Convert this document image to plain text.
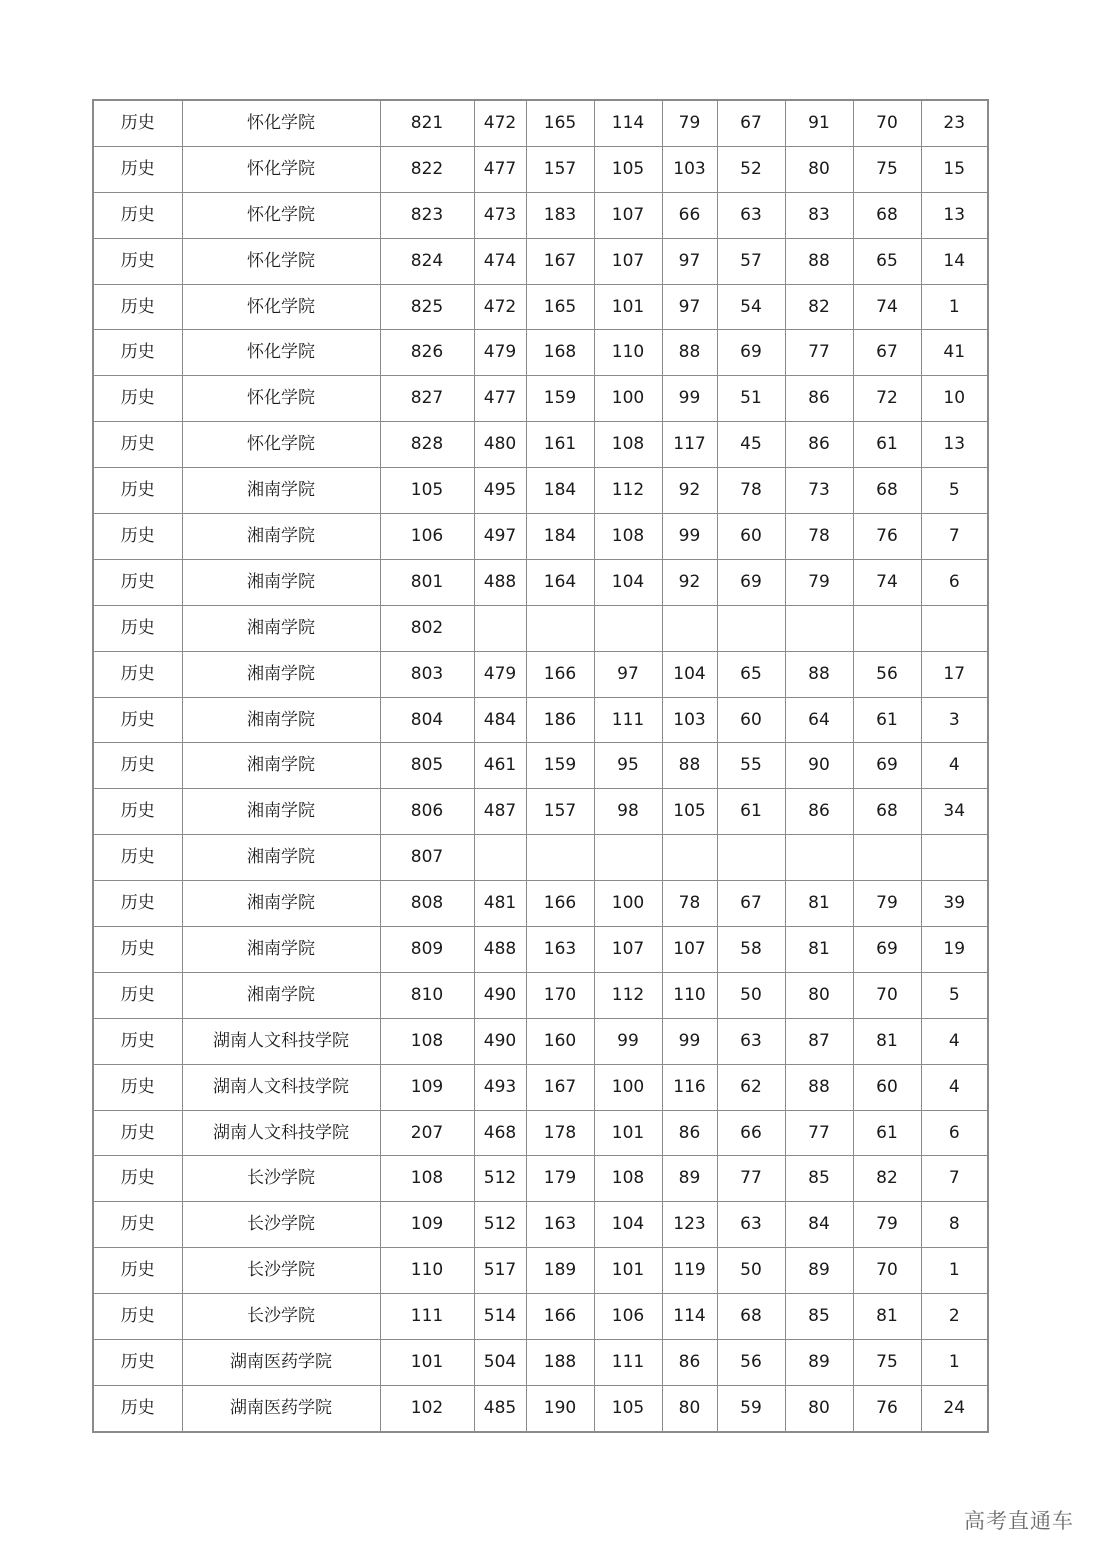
历史	怀化学院	821	472	165	114	79	67	91	70	23
历史	怀化学院	822	477	157	105	103	52	80	75	15
历史	怀化学院	823	473	183	107	66	63	83	68	13
历史	怀化学院	824	474	167	107	97	57	88	65	14
历史	怀化学院	825	472	165	101	97	54	82	74	1
历史	怀化学院	826	479	168	110	88	69	77	67	41
历史	怀化学院	827	477	159	100	99	51	86	72	10
历史	怀化学院	828	480	161	108	117	45	86	61	13
历史	湘南学院	105	495	184	112	92	78	73	68	5
历史	湘南学院	106	497	184	108	99	60	78	76	7
历史	湘南学院	801	488	164	104	92	69	79	74	6
历史	湘南学院	802								
历史	湘南学院	803	479	166	97	104	65	88	56	17
历史	湘南学院	804	484	186	111	103	60	64	61	3
历史	湘南学院	805	461	159	95	88	55	90	69	4
历史	湘南学院	806	487	157	98	105	61	86	68	34
历史	湘南学院	807								
历史	湘南学院	808	481	166	100	78	67	81	79	39
历史	湘南学院	809	488	163	107	107	58	81	69	19
历史	湘南学院	810	490	170	112	110	50	80	70	5
历史	湖南人文科技学院	108	490	160	99	99	63	87	81	4
历史	湖南人文科技学院	109	493	167	100	116	62	88	60	4
历史	湖南人文科技学院	207	468	178	101	86	66	77	61	6
历史	长沙学院	108	512	179	108	89	77	85	82	7
历史	长沙学院	109	512	163	104	123	63	84	79	8
历史	长沙学院	110	517	189	101	119	50	89	70	1
历史	长沙学院	111	514	166	106	114	68	85	81	2
历史	湖南医药学院	101	504	188	111	86	56	89	75	1
历史	湖南医药学院	102	485	190	105	80	59	80	76	24
高考直通车
